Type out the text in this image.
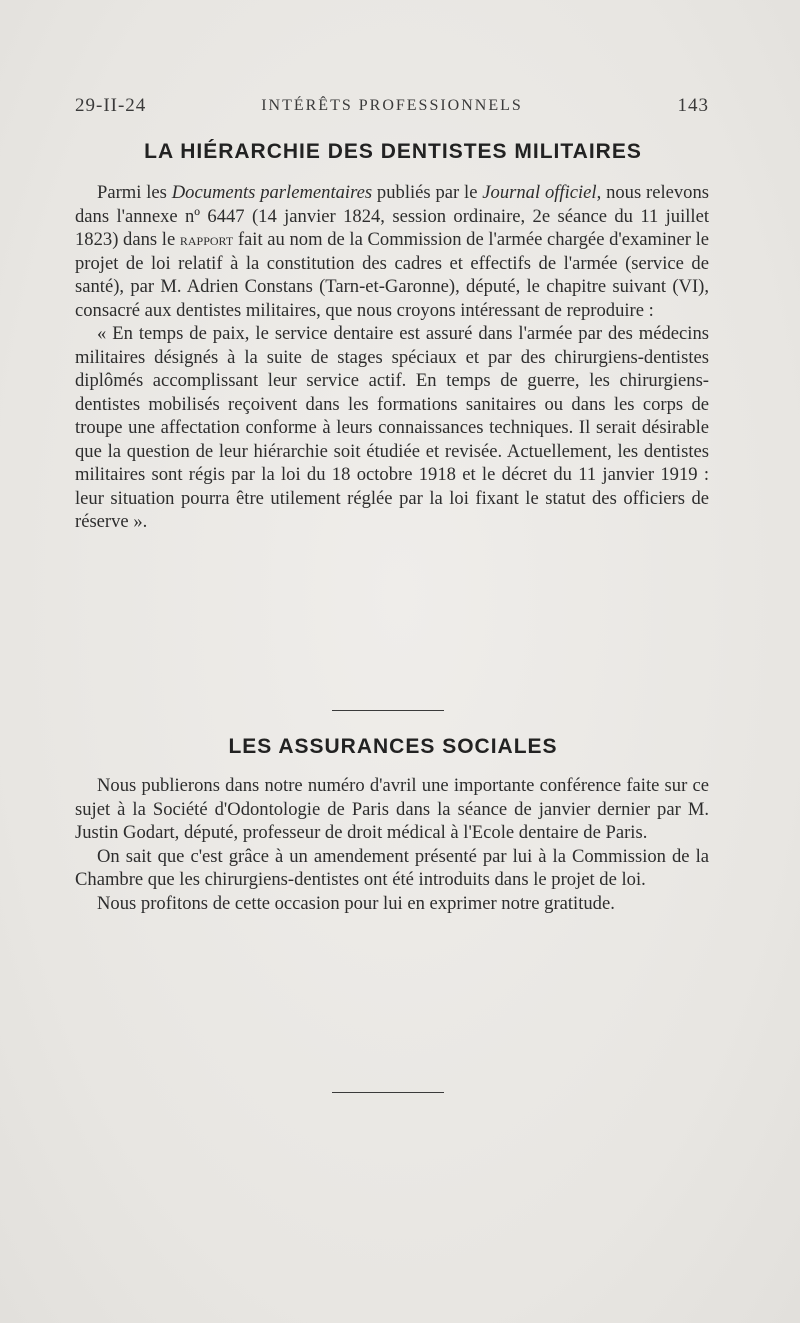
29-II-24	INTÉRÊTS PROFESSIONNELS	143
LA HIÉRARCHIE DES DENTISTES MILITAIRES

Parmi les Documents parlementaires publiés par le Journal officiel, nous relevons dans l'annexe nº 6447 (14 janvier 1824, session ordinaire, 2e séance du 11 juillet 1823) dans le rapport fait au nom de la Commission de l'armée chargée d'examiner le projet de loi relatif à la constitution des cadres et effectifs de l'armée (service de santé), par M. Adrien Constans (Tarn-et-Garonne), député, le chapitre suivant (VI), consacré aux dentistes militaires, que nous croyons intéressant de reproduire :

« En temps de paix, le service dentaire est assuré dans l'armée par des médecins militaires désignés à la suite de stages spéciaux et par des chirurgiens-dentistes diplômés accomplissant leur service actif. En temps de guerre, les chirurgiens-dentistes mobilisés reçoivent dans les formations sanitaires ou dans les corps de troupe une affectation conforme à leurs connaissances techniques. Il serait désirable que la question de leur hiérarchie soit étudiée et revisée. Actuellement, les dentistes militaires sont régis par la loi du 18 octobre 1918 et le décret du 11 janvier 1919 : leur situation pourra être utilement réglée par la loi fixant le statut des officiers de réserve ».

LES ASSURANCES SOCIALES

Nous publierons dans notre numéro d'avril une importante conférence faite sur ce sujet à la Société d'Odontologie de Paris dans la séance de janvier dernier par M. Justin Godart, député, professeur de droit médical à l'Ecole dentaire de Paris.

On sait que c'est grâce à un amendement présenté par lui à la Commission de la Chambre que les chirurgiens-dentistes ont été introduits dans le projet de loi.

Nous profitons de cette occasion pour lui en exprimer notre gratitude.
